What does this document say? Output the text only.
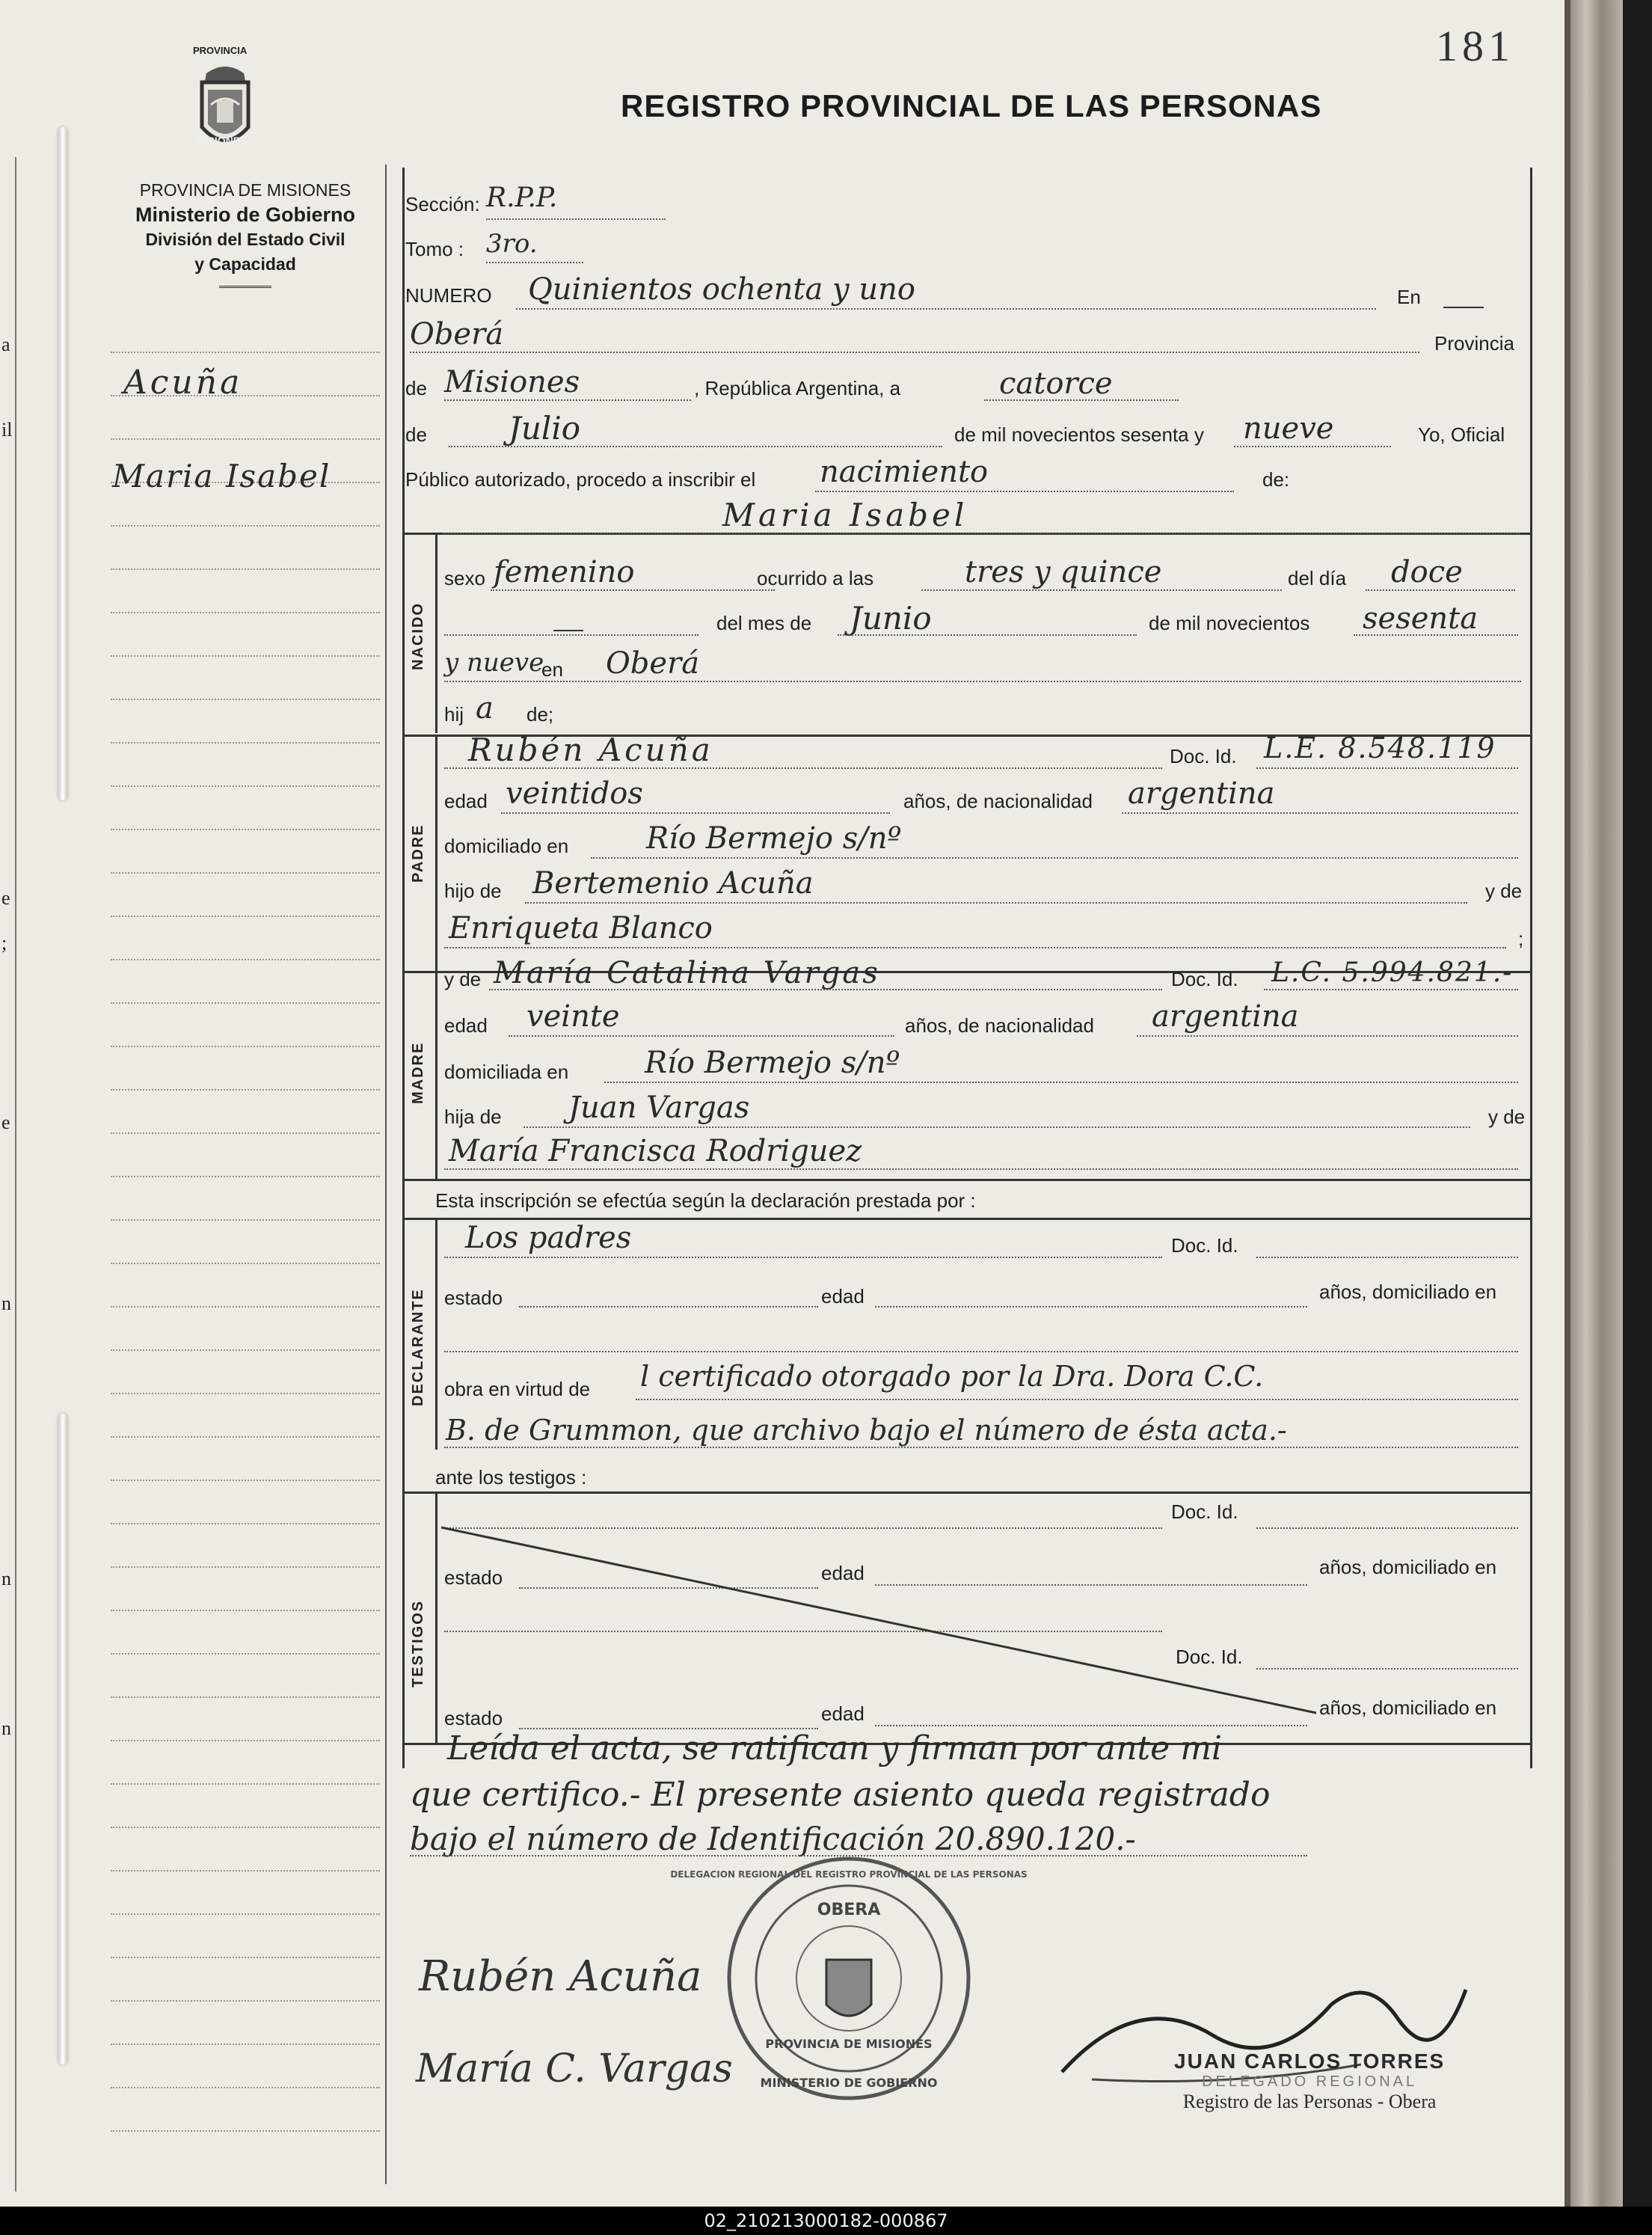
181
PROVINCIA
MISIONES
REGISTRO PROVINCIAL DE LAS PERSONAS
PROVINCIA DE MISIONES
Ministerio de Gobierno
División del Estado Civil
y Capacidad
Acuña
Maria Isabel
a
il
e
;
e
n
n
n
Sección: R.P.P.
Tomo : 3ro.
NUMERO Quinientos ochenta y uno	En
Oberá	Provincia
de Misiones	, República Argentina, a	catorce
de	Julio	de mil novecientos sesenta y nueve	Yo, Oficial
Público autorizado, procedo a inscribir el nacimiento	de:
NACIDO
Maria Isabel
sexo femenino	ocurrido a las	tres y quince	del día doce
del mes de Junio	de mil novecientos sesenta
y nueve
en Oberá
hij a de;
PADRE
Rubén Acuña	Doc. Id. L.E. 8.548.119
edad veintidos	años, de nacionalidad argentina
domiciliado en	Río Bermejo s/nº
hijo de Bertemenio Acuña	y de
Enriqueta Blanco	;
MADRE
y de María Catalina Vargas	Doc. Id. L.C. 5.994.821.-
edad veinte	años, de nacionalidad argentina
domiciliada en	Río Bermejo s/nº
hija de Juan Vargas	y de
María Francisca Rodriguez
Esta inscripción se efectúa según la declaración prestada por :
DECLARANTE
Los padres	Doc. Id.
estado	edad	años, domiciliado en
obra en virtud de l certificado otorgado por la Dra. Dora C.C.
B. de Grummon, que archivo bajo el número de ésta acta.-
ante los testigos :
TESTIGOS
Doc. Id.
estado	edad	años, domiciliado en
Doc. Id.
estado	edad	años, domiciliado en
Leída el acta, se ratifican y firman por ante mi
que certifico.- El presente asiento queda registrado
bajo el número de Identificación 20.890.120.-
OBERA
PROVINCIA DE MISIONES
MINISTERIO DE GOBIERNO
DELEGACION REGIONAL DEL REGISTRO PROVINCIAL DE LAS PERSONAS
Rubén Acuña
María C. Vargas	JUAN CARLOS TORRES
DELEGADO REGIONAL
Registro de las Personas - Obera
02_210213000182-000867
